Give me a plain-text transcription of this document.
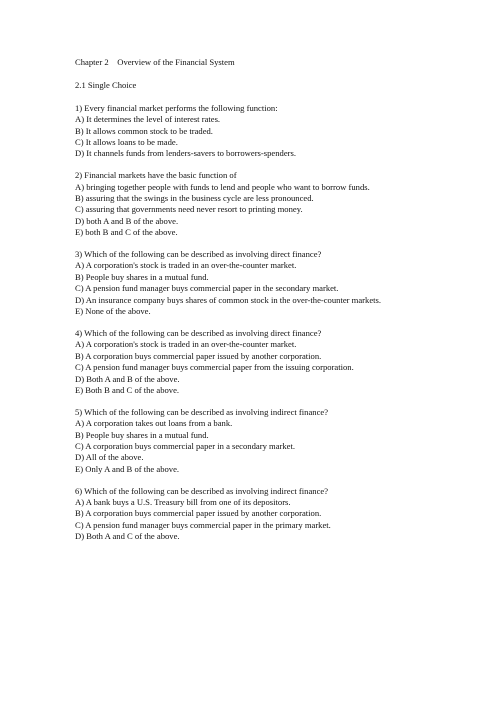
Chapter 2    Overview of the Financial System
2.1 Single Choice
1) Every financial market performs the following function:
A) It determines the level of interest rates.
B) It allows common stock to be traded.
C) It allows loans to be made.
D) It channels funds from lenders-savers to borrowers-spenders.
2) Financial markets have the basic function of
A) bringing together people with funds to lend and people who want to borrow funds.
B) assuring that the swings in the business cycle are less pronounced.
C) assuring that governments need never resort to printing money.
D) both A and B of the above.
E) both B and C of the above.
3) Which of the following can be described as involving direct finance?
A) A corporation's stock is traded in an over-the-counter market.
B) People buy shares in a mutual fund.
C) A pension fund manager buys commercial paper in the secondary market.
D) An insurance company buys shares of common stock in the over-the-counter markets.
E) None of the above.
4) Which of the following can be described as involving direct finance?
A) A corporation's stock is traded in an over-the-counter market.
B) A corporation buys commercial paper issued by another corporation.
C) A pension fund manager buys commercial paper from the issuing corporation.
D) Both A and B of the above.
E) Both B and C of the above.
5) Which of the following can be described as involving indirect finance?
A) A corporation takes out loans from a bank.
B) People buy shares in a mutual fund.
C) A corporation buys commercial paper in a secondary market.
D) All of the above.
E) Only A and B of the above.
6) Which of the following can be described as involving indirect finance?
A) A bank buys a U.S. Treasury bill from one of its depositors.
B) A corporation buys commercial paper issued by another corporation.
C) A pension fund manager buys commercial paper in the primary market.
D) Both A and C of the above.
